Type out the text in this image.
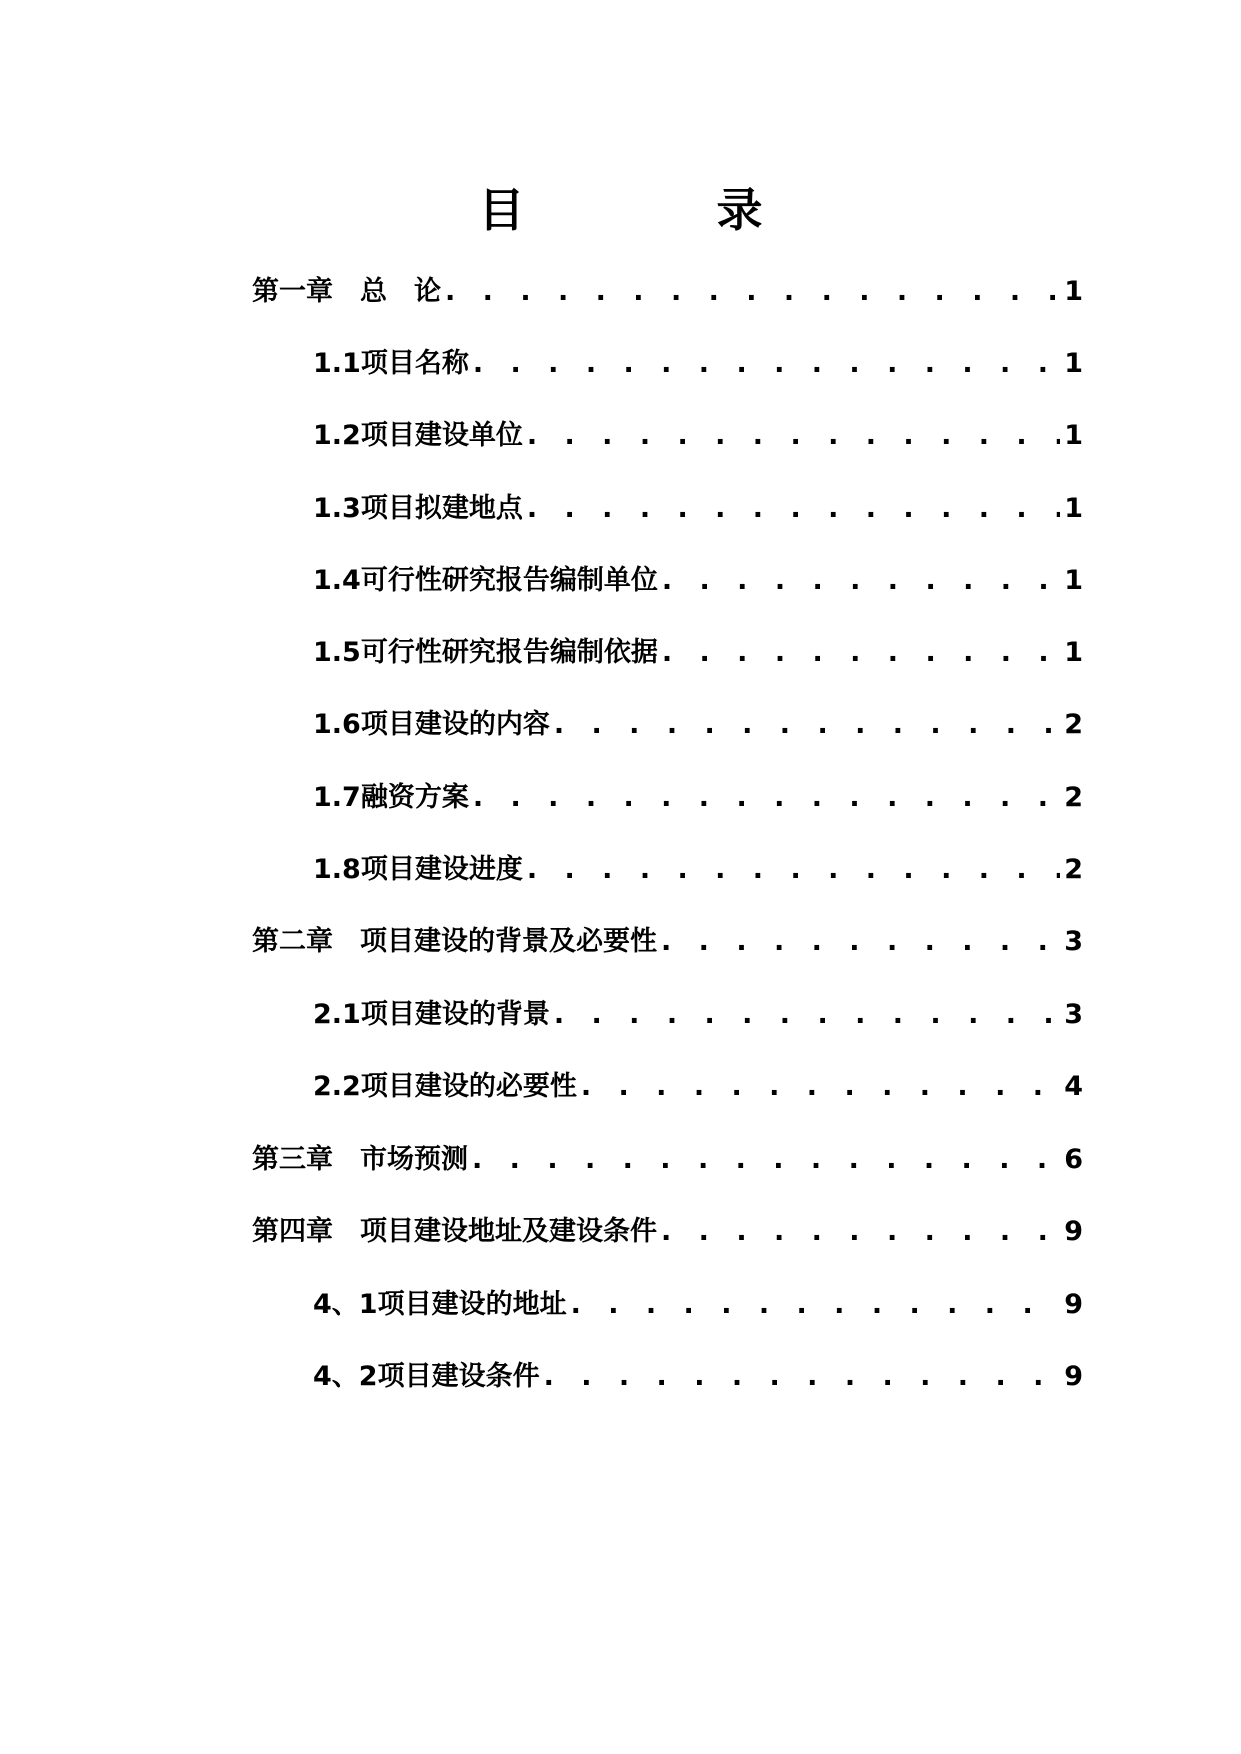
目 录
第一章　总　论 . . .	1
1.1项目名称 . . .	1
1.2项目建设单位 . . .	1
1.3项目拟建地点 . . .	1
1.4可行性研究报告编制单位 . . .	1
1.5可行性研究报告编制依据 . . .	1
1.6项目建设的内容 . . .	2
1.7融资方案 . . .	2
1.8项目建设进度 . . .	2
第二章　项目建设的背景及必要性 . . .	3
2.1项目建设的背景 . . .	3
2.2项目建设的必要性 . . .	4
第三章　市场预测 . . .	6
第四章　项目建设地址及建设条件 . . .	9
4、1项目建设的地址 . . .	9
4、2项目建设条件 . . .	9
